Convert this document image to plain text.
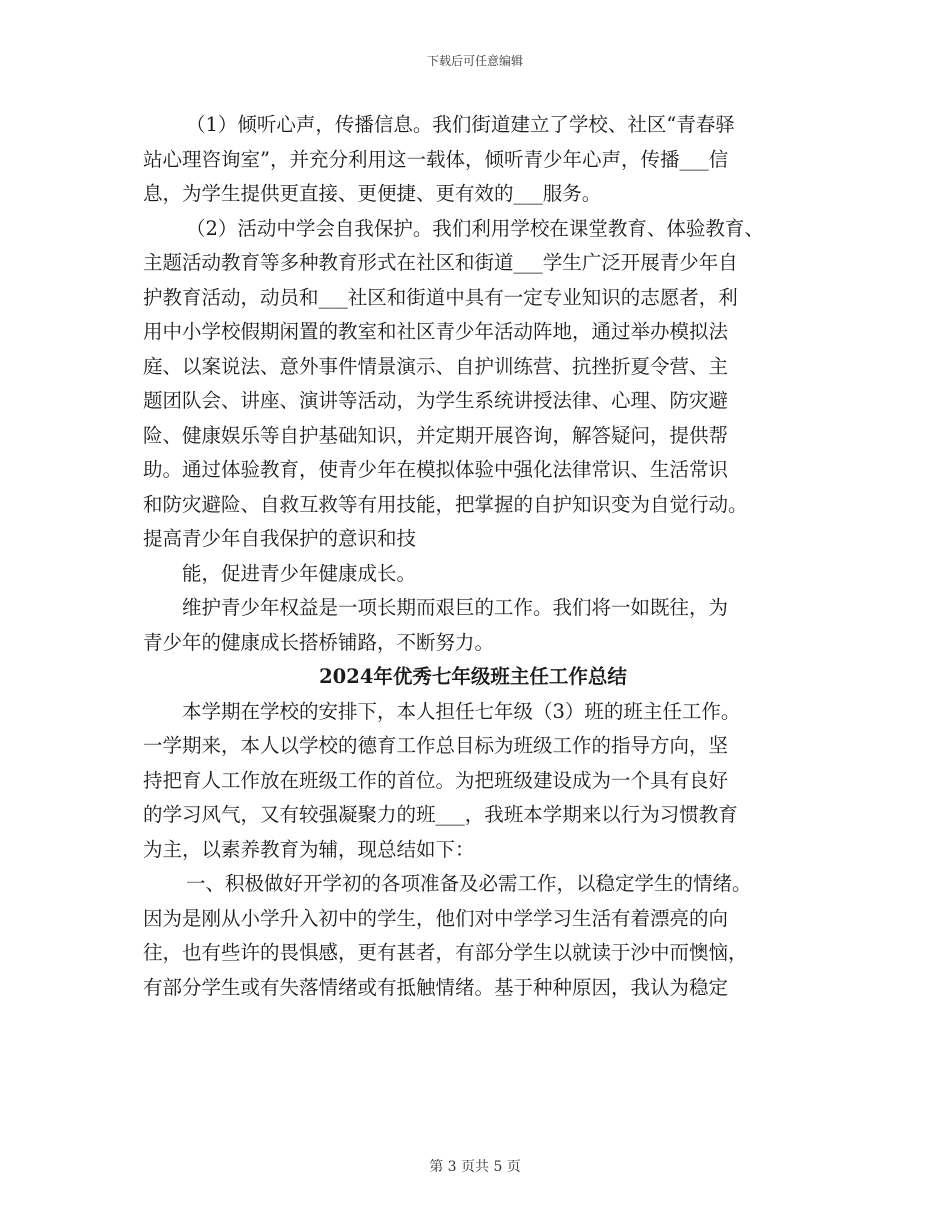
下载后可任意编辑
（1）倾听心声，传播信息。我们街道建立了学校、社区“青春驿
站心理咨询室”，并充分利用这一载体，倾听青少年心声，传播___信
息，为学生提供更直接、更便捷、更有效的___服务。
（2）活动中学会自我保护。我们利用学校在课堂教育、体验教育、
主题活动教育等多种教育形式在社区和街道___学生广泛开展青少年自
护教育活动，动员和___社区和街道中具有一定专业知识的志愿者，利
用中小学校假期闲置的教室和社区青少年活动阵地，通过举办模拟法
庭、以案说法、意外事件情景演示、自护训练营、抗挫折夏令营、主
题团队会、讲座、演讲等活动，为学生系统讲授法律、心理、防灾避
险、健康娱乐等自护基础知识，并定期开展咨询，解答疑问，提供帮
助。通过体验教育，使青少年在模拟体验中强化法律常识、生活常识
和防灾避险、自救互救等有用技能，把掌握的自护知识变为自觉行动。
提高青少年自我保护的意识和技
能，促进青少年健康成长。
维护青少年权益是一项长期而艰巨的工作。我们将一如既往，为
青少年的健康成长搭桥铺路，不断努力。
2024年优秀七年级班主任工作总结
本学期在学校的安排下，本人担任七年级（3）班的班主任工作。
一学期来，本人以学校的德育工作总目标为班级工作的指导方向，坚
持把育人工作放在班级工作的首位。为把班级建设成为一个具有良好
的学习风气，又有较强凝聚力的班___，我班本学期来以行为习惯教育
为主，以素养教育为辅，现总结如下：
一、积极做好开学初的各项准备及必需工作，以稳定学生的情绪。
因为是刚从小学升入初中的学生，他们对中学学习生活有着漂亮的向
往，也有些许的畏惧感，更有甚者，有部分学生以就读于沙中而懊恼，
有部分学生或有失落情绪或有抵触情绪。基于种种原因，我认为稳定
第 3 页共 5 页
